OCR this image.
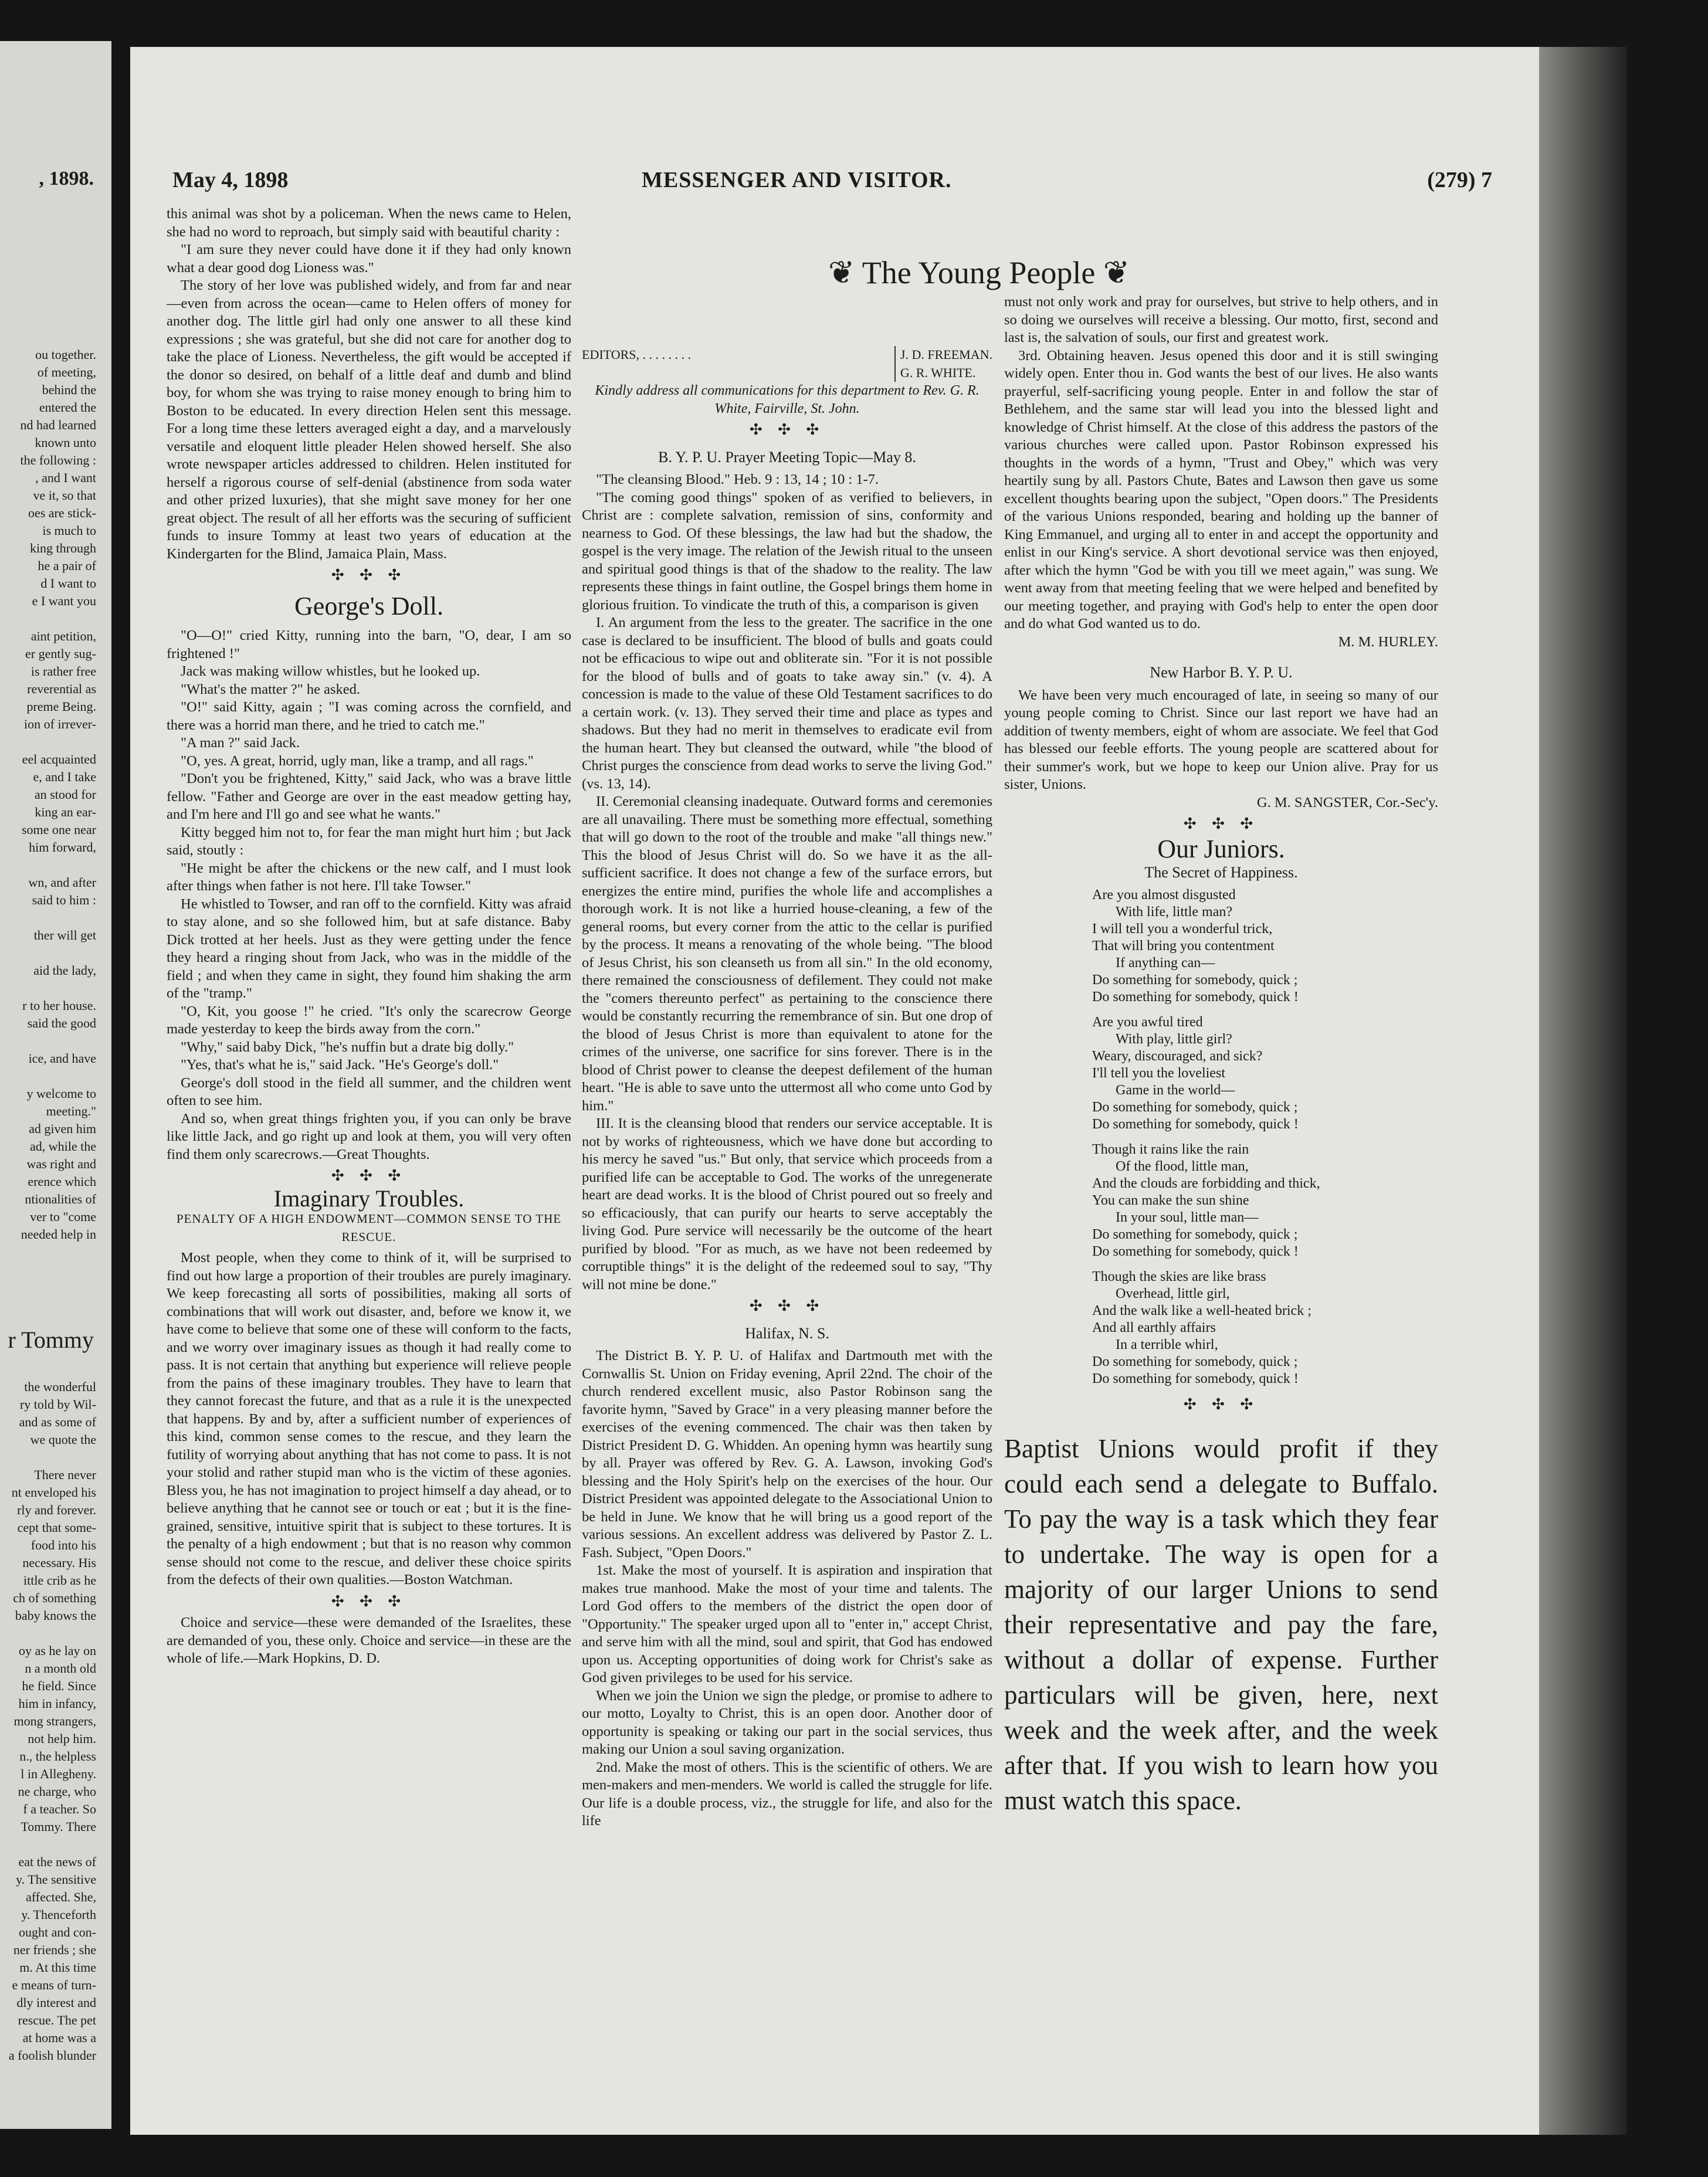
, 1898.
ou together.
of meeting,
behind the
entered the
nd had learned
known unto
the following :
, and I want
ve it, so that
oes are stick-
is much to
king through
he a pair of
d I want to
e I want you

aint petition,
er gently sug-
is rather free
reverential as
preme Being.
ion of irrever-

eel acquainted
e, and I take
an stood for
king an ear-
some one near
him forward,

wn, and after
said to him :

ther will get

aid the lady,

r to her house.
said the good

ice, and have

y welcome to
meeting."
ad given him
ad, while the
was right and
erence which
ntionalities of
ver to "come
needed help in
r Tommy
the wonderful
ry told by Wil-
and as some of
we quote the

There never
nt enveloped his
rly and forever.
cept that some-
food into his
necessary. His
ittle crib as he
ch of something
baby knows the

oy as he lay on
n a month old
he field. Since
him in infancy,
mong strangers,
not help him.
n., the helpless
l in Allegheny.
ne charge, who
f a teacher. So
Tommy. There

eat the news of
y. The sensitive
affected. She,
y. Thenceforth
ought and con-
ner friends ; she
m. At this time
e means of turn-
dly interest and
rescue. The pet
at home was a
a foolish blunder
May 4, 1898	MESSENGER AND VISITOR.	(279) 7

this animal was shot by a policeman. When the news came to Helen, she had no word to reproach, but simply said with beautiful charity :

"I am sure they never could have done it if they had only known what a dear good dog Lioness was."

The story of her love was published widely, and from far and near—even from across the ocean—came to Helen offers of money for another dog. The little girl had only one answer to all these kind expressions ; she was grateful, but she did not care for another dog to take the place of Lioness. Nevertheless, the gift would be accepted if the donor so desired, on behalf of a little deaf and dumb and blind boy, for whom she was trying to raise money enough to bring him to Boston to be educated. In every direction Helen sent this message. For a long time these letters averaged eight a day, and a marvelously versatile and eloquent little pleader Helen showed herself. She also wrote newspaper articles addressed to children. Helen instituted for herself a rigorous course of self-denial (abstinence from soda water and other prized luxuries), that she might save money for her one great object. The result of all her efforts was the securing of sufficient funds to insure Tommy at least two years of education at the Kindergarten for the Blind, Jamaica Plain, Mass.

✣ ✣ ✣
George's Doll.

"O—O!" cried Kitty, running into the barn, "O, dear, I am so frightened !"

Jack was making willow whistles, but he looked up.

"What's the matter ?" he asked.

"O!" said Kitty, again ; "I was coming across the cornfield, and there was a horrid man there, and he tried to catch me."

"A man ?" said Jack.

"O, yes. A great, horrid, ugly man, like a tramp, and all rags."

"Don't you be frightened, Kitty," said Jack, who was a brave little fellow. "Father and George are over in the east meadow getting hay, and I'm here and I'll go and see what he wants."

Kitty begged him not to, for fear the man might hurt him ; but Jack said, stoutly :

"He might be after the chickens or the new calf, and I must look after things when father is not here. I'll take Towser."

He whistled to Towser, and ran off to the cornfield. Kitty was afraid to stay alone, and so she followed him, but at safe distance. Baby Dick trotted at her heels. Just as they were getting under the fence they heard a ringing shout from Jack, who was in the middle of the field ; and when they came in sight, they found him shaking the arm of the "tramp."

"O, Kit, you goose !" he cried. "It's only the scarecrow George made yesterday to keep the birds away from the corn."

"Why," said baby Dick, "he's nuffin but a drate big dolly."

"Yes, that's what he is," said Jack. "He's George's doll."

George's doll stood in the field all summer, and the children went often to see him.

And so, when great things frighten you, if you can only be brave like little Jack, and go right up and look at them, you will very often find them only scarecrows.—Great Thoughts.

✣ ✣ ✣
Imaginary Troubles.
PENALTY OF A HIGH ENDOWMENT—COMMON SENSE TO THE RESCUE.

Most people, when they come to think of it, will be surprised to find out how large a proportion of their troubles are purely imaginary. We keep forecasting all sorts of possibilities, making all sorts of combinations that will work out disaster, and, before we know it, we have come to believe that some one of these will conform to the facts, and we worry over imaginary issues as though it had really come to pass. It is not certain that anything but experience will relieve people from the pains of these imaginary troubles. They have to learn that they cannot forecast the future, and that as a rule it is the unexpected that happens. By and by, after a sufficient number of experiences of this kind, common sense comes to the rescue, and they learn the futility of worrying about anything that has not come to pass. It is not your stolid and rather stupid man who is the victim of these agonies. Bless you, he has not imagination to project himself a day ahead, or to believe anything that he cannot see or touch or eat ; but it is the fine-grained, sensitive, intuitive spirit that is subject to these tortures. It is the penalty of a high endowment ; but that is no reason why common sense should not come to the rescue, and deliver these choice spirits from the defects of their own qualities.—Boston Watchman.

✣ ✣ ✣

Choice and service—these were demanded of the Israelites, these are demanded of you, these only. Choice and service—in these are the whole of life.—Mark Hopkins, D. D.

❦ The Young People ❦
EDITORS, . . . . . . . .	J. D. FREEMAN.
G. R. WHITE.
Kindly address all communications for this department to Rev. G. R. White, Fairville, St. John.
✣ ✣ ✣
B. Y. P. U. Prayer Meeting Topic—May 8.

"The cleansing Blood." Heb. 9 : 13, 14 ; 10 : 1-7.

"The coming good things" spoken of as verified to believers, in Christ are : complete salvation, remission of sins, conformity and nearness to God. Of these blessings, the law had but the shadow, the gospel is the very image. The relation of the Jewish ritual to the unseen and spiritual good things is that of the shadow to the reality. The law represents these things in faint outline, the Gospel brings them home in glorious fruition. To vindicate the truth of this, a comparison is given

I. An argument from the less to the greater. The sacrifice in the one case is declared to be insufficient. The blood of bulls and goats could not be efficacious to wipe out and obliterate sin. "For it is not possible for the blood of bulls and of goats to take away sin." (v. 4). A concession is made to the value of these Old Testament sacrifices to do a certain work. (v. 13). They served their time and place as types and shadows. But they had no merit in themselves to eradicate evil from the human heart. They but cleansed the outward, while "the blood of Christ purges the conscience from dead works to serve the living God." (vs. 13, 14).

II. Ceremonial cleansing inadequate. Outward forms and ceremonies are all unavailing. There must be something more effectual, something that will go down to the root of the trouble and make "all things new." This the blood of Jesus Christ will do. So we have it as the all-sufficient sacrifice. It does not change a few of the surface errors, but energizes the entire mind, purifies the whole life and accomplishes a thorough work. It is not like a hurried house-cleaning, a few of the general rooms, but every corner from the attic to the cellar is purified by the process. It means a renovating of the whole being. "The blood of Jesus Christ, his son cleanseth us from all sin." In the old economy, there remained the consciousness of defilement. They could not make the "comers thereunto perfect" as pertaining to the conscience there would be constantly recurring the remembrance of sin. But one drop of the blood of Jesus Christ is more than equivalent to atone for the crimes of the universe, one sacrifice for sins forever. There is in the blood of Christ power to cleanse the deepest defilement of the human heart. "He is able to save unto the uttermost all who come unto God by him."

III. It is the cleansing blood that renders our service acceptable. It is not by works of righteousness, which we have done but according to his mercy he saved "us." But only, that service which proceeds from a purified life can be acceptable to God. The works of the unregenerate heart are dead works. It is the blood of Christ poured out so freely and so efficaciously, that can purify our hearts to serve acceptably the living God. Pure service will necessarily be the outcome of the heart purified by blood. "For as much, as we have not been redeemed by corruptible things" it is the delight of the redeemed soul to say, "Thy will not mine be done."

✣ ✣ ✣
Halifax, N. S.

The District B. Y. P. U. of Halifax and Dartmouth met with the Cornwallis St. Union on Friday evening, April 22nd. The choir of the church rendered excellent music, also Pastor Robinson sang the favorite hymn, "Saved by Grace" in a very pleasing manner before the exercises of the evening commenced. The chair was then taken by District President D. G. Whidden. An opening hymn was heartily sung by all. Prayer was offered by Rev. G. A. Lawson, invoking God's blessing and the Holy Spirit's help on the exercises of the hour. Our District President was appointed delegate to the Associational Union to be held in June. We know that he will bring us a good report of the various sessions. An excellent address was delivered by Pastor Z. L. Fash. Subject, "Open Doors."

1st. Make the most of yourself. It is aspiration and inspiration that makes true manhood. Make the most of your time and talents. The Lord God offers to the members of the district the open door of "Opportunity." The speaker urged upon all to "enter in," accept Christ, and serve him with all the mind, soul and spirit, that God has endowed upon us. Accepting opportunities of doing work for Christ's sake as God given privileges to be used for his service.

When we join the Union we sign the pledge, or promise to adhere to our motto, Loyalty to Christ, this is an open door. Another door of opportunity is speaking or taking our part in the social services, thus making our Union a soul saving organization.

2nd. Make the most of others. This is the scientific of others. We are men-makers and men-menders. We world is called the struggle for life. Our life is a double process, viz., the struggle for life, and also for the life

must not only work and pray for ourselves, but strive to help others, and in so doing we ourselves will receive a blessing. Our motto, first, second and last is, the salvation of souls, our first and greatest work.

3rd. Obtaining heaven. Jesus opened this door and it is still swinging widely open. Enter thou in. God wants the best of our lives. He also wants prayerful, self-sacrificing young people. Enter in and follow the star of Bethlehem, and the same star will lead you into the blessed light and knowledge of Christ himself. At the close of this address the pastors of the various churches were called upon. Pastor Robinson expressed his thoughts in the words of a hymn, "Trust and Obey," which was very heartily sung by all. Pastors Chute, Bates and Lawson then gave us some excellent thoughts bearing upon the subject, "Open doors." The Presidents of the various Unions responded, bearing and holding up the banner of King Emmanuel, and urging all to enter in and accept the opportunity and enlist in our King's service. A short devotional service was then enjoyed, after which the hymn "God be with you till we meet again," was sung. We went away from that meeting feeling that we were helped and benefited by our meeting together, and praying with God's help to enter the open door and do what God wanted us to do.

M. M. HURLEY.
New Harbor B. Y. P. U.

We have been very much encouraged of late, in seeing so many of our young people coming to Christ. Since our last report we have had an addition of twenty members, eight of whom are associate. We feel that God has blessed our feeble efforts. The young people are scattered about for their summer's work, but we hope to keep our Union alive. Pray for us sister, Unions.

G. M. SANGSTER, Cor.-Sec'y.
✣ ✣ ✣
Our Juniors.
The Secret of Happiness.
Are you almost disgusted
With life, little man?
I will tell you a wonderful trick,
That will bring you contentment
If anything can—
Do something for somebody, quick ;
Do something for somebody, quick !
Are you awful tired
With play, little girl?
Weary, discouraged, and sick?
I'll tell you the loveliest
Game in the world—
Do something for somebody, quick ;
Do something for somebody, quick !
Though it rains like the rain
Of the flood, little man,
And the clouds are forbidding and thick,
You can make the sun shine
In your soul, little man—
Do something for somebody, quick ;
Do something for somebody, quick !
Though the skies are like brass
Overhead, little girl,
And the walk like a well-heated brick ;
And all earthly affairs
In a terrible whirl,
Do something for somebody, quick ;
Do something for somebody, quick !
✣ ✣ ✣
Baptist Unions would profit if they could each send a delegate to Buffalo. To pay the way is a task which they fear to undertake. The way is open for a majority of our larger Unions to send their representative and pay the fare, without a dollar of expense. Further particulars will be given, here, next week and the week after, and the week after that. If you wish to learn how you must watch this space.
